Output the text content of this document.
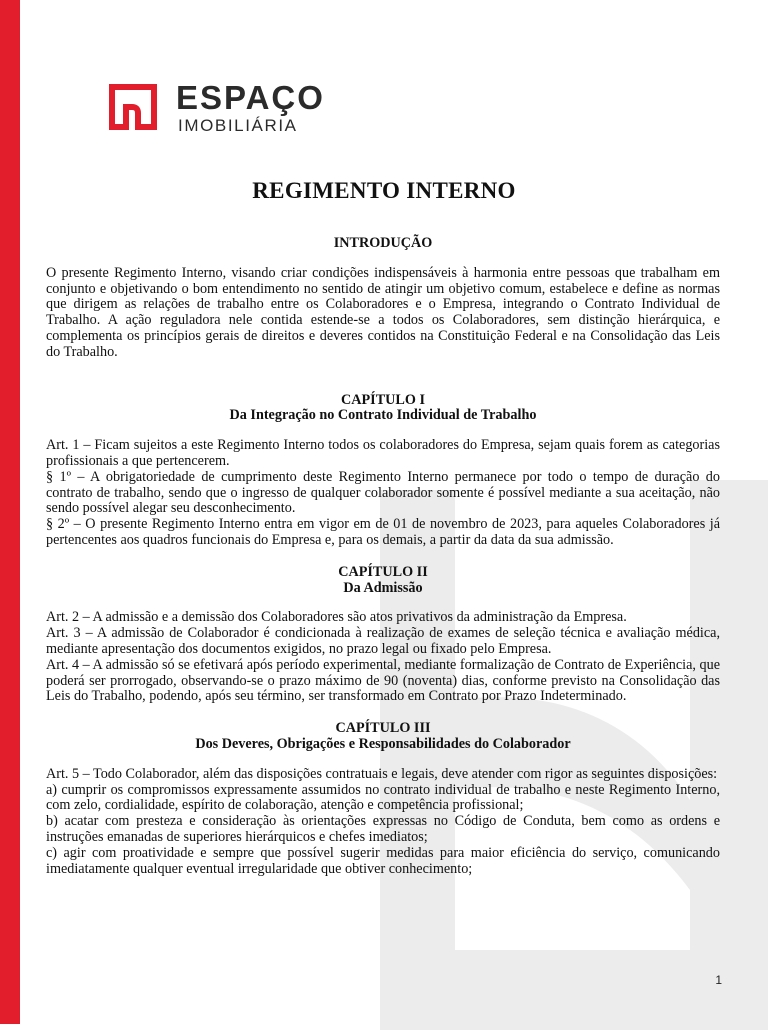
ESPAÇO
IMOBILIÁRIA
REGIMENTO INTERNO
INTRODUÇÃO

O presente Regimento Interno, visando criar condições indispensáveis à harmonia entre pessoas que trabalham em conjunto e objetivando o bom entendimento no sentido de atingir um objetivo comum, estabelece e define as normas que dirigem as relações de trabalho entre os Colaboradores e o Empresa, integrando o Contrato Individual de Trabalho. A ação reguladora nele contida estende-se a todos os Colaboradores, sem distinção hierárquica, e complementa os princípios gerais de direitos e deveres contidos na Constituição Federal e na Consolidação das Leis do Trabalho.

CAPÍTULO I
Da Integração no Contrato Individual de Trabalho

Art. 1 – Ficam sujeitos a este Regimento Interno todos os colaboradores do Empresa, sejam quais forem as categorias profissionais a que pertencerem.

§ 1º – A obrigatoriedade de cumprimento deste Regimento Interno permanece por todo o tempo de duração do contrato de trabalho, sendo que o ingresso de qualquer colaborador somente é possível mediante a sua aceitação, não sendo possível alegar seu desconhecimento.

§ 2º – O presente Regimento Interno entra em vigor em de 01 de novembro de 2023, para aqueles Colaboradores já pertencentes aos quadros funcionais do Empresa e, para os demais, a partir da data da sua admissão.

CAPÍTULO II
Da Admissão

Art. 2 – A admissão e a demissão dos Colaboradores são atos privativos da administração da Empresa.

Art. 3 – A admissão de Colaborador é condicionada à realização de exames de seleção técnica e avaliação médica, mediante apresentação dos documentos exigidos, no prazo legal ou fixado pelo Empresa.

Art. 4 – A admissão só se efetivará após período experimental, mediante formalização de Contrato de Experiência, que poderá ser prorrogado, observando-se o prazo máximo de 90 (noventa) dias, conforme previsto na Consolidação das Leis do Trabalho, podendo, após seu término, ser transformado em Contrato por Prazo Indeterminado.

CAPÍTULO III
Dos Deveres, Obrigações e Responsabilidades do Colaborador

Art. 5 – Todo Colaborador, além das disposições contratuais e legais, deve atender com rigor as seguintes disposições:

a) cumprir os compromissos expressamente assumidos no contrato individual de trabalho e neste Regimento Interno, com zelo, cordialidade, espírito de colaboração, atenção e competência profissional;

b) acatar com presteza e consideração às orientações expressas no Código de Conduta, bem como as ordens e instruções emanadas de superiores hierárquicos e chefes imediatos;

c) agir com proatividade e sempre que possível sugerir medidas para maior eficiência do serviço, comunicando imediatamente qualquer eventual irregularidade que obtiver conhecimento;

1
